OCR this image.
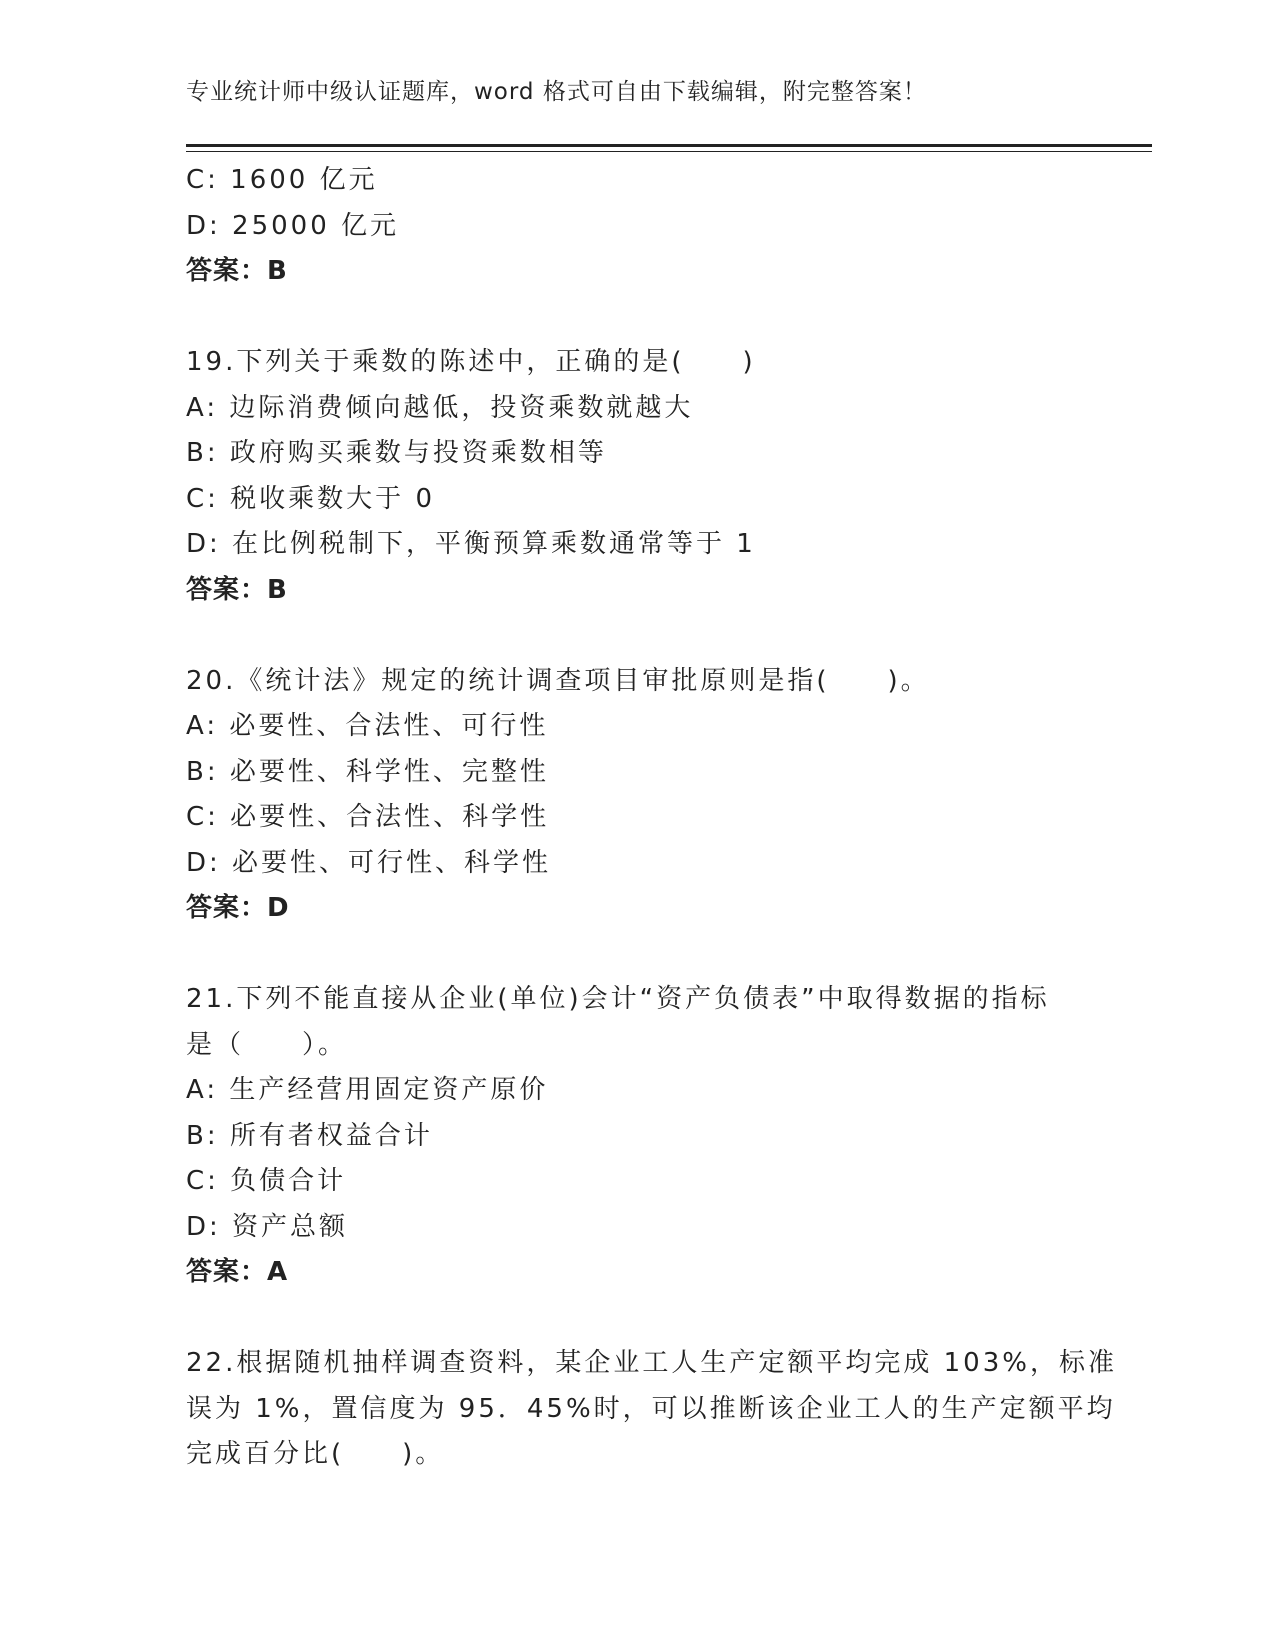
专业统计师中级认证题库，word 格式可自由下载编辑，附完整答案！
C: 1600 亿元
D: 25000 亿元
答案：B
19.下列关于乘数的陈述中，正确的是(　　)
A: 边际消费倾向越低，投资乘数就越大
B: 政府购买乘数与投资乘数相等
C: 税收乘数大于 0
D: 在比例税制下，平衡预算乘数通常等于 1
答案：B
20.《统计法》规定的统计调查项目审批原则是指(　　)。
A: 必要性、合法性、可行性
B: 必要性、科学性、完整性
C: 必要性、合法性、科学性
D: 必要性、可行性、科学性
答案：D
21.下列不能直接从企业(单位)会计“资产负债表”中取得数据的指标
是（　　）。
A: 生产经营用固定资产原价
B: 所有者权益合计
C: 负债合计
D: 资产总额
答案：A
22.根据随机抽样调查资料，某企业工人生产定额平均完成 103%，标准
误为 1%，置信度为 95．45%时，可以推断该企业工人的生产定额平均
完成百分比(　　)。
